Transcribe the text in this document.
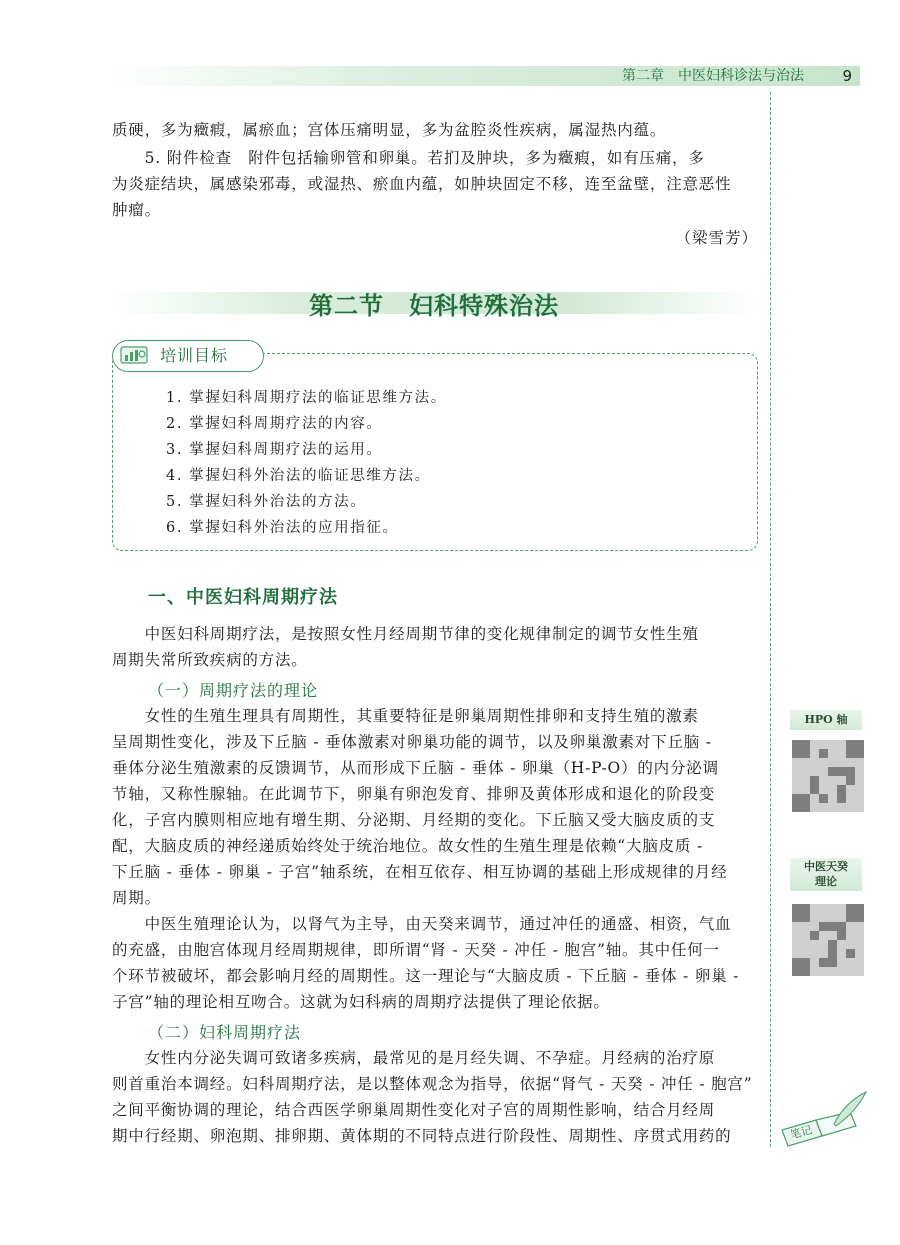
第二章　中医妇科诊法与治法	9

质硬，多为癥瘕，属瘀血；宫体压痛明显，多为盆腔炎性疾病，属湿热内蕴。

　　5. 附件检查　附件包括输卵管和卵巢。若扪及肿块，多为癥瘕，如有压痛，多

为炎症结块，属感染邪毒，或湿热、瘀血内蕴，如肿块固定不移，连至盆壁，注意恶性

肿瘤。

（梁雪芳）
第二节　妇科特殊治法
培训目标
1. 掌握妇科周期疗法的临证思维方法。
2. 掌握妇科周期疗法的内容。
3. 掌握妇科周期疗法的运用。
4. 掌握妇科外治法的临证思维方法。
5. 掌握妇科外治法的方法。
6. 掌握妇科外治法的应用指征。
一、中医妇科周期疗法

　　中医妇科周期疗法，是按照女性月经周期节律的变化规律制定的调节女性生殖

周期失常所致疾病的方法。

（一）周期疗法的理论

　　女性的生殖生理具有周期性，其重要特征是卵巢周期性排卵和支持生殖的激素

呈周期性变化，涉及下丘脑 - 垂体激素对卵巢功能的调节，以及卵巢激素对下丘脑 -

垂体分泌生殖激素的反馈调节，从而形成下丘脑 - 垂体 - 卵巢（H-P-O）的内分泌调

节轴，又称性腺轴。在此调节下，卵巢有卵泡发育、排卵及黄体形成和退化的阶段变

化，子宫内膜则相应地有增生期、分泌期、月经期的变化。下丘脑又受大脑皮质的支

配，大脑皮质的神经递质始终处于统治地位。故女性的生殖生理是依赖“大脑皮质 -

下丘脑 - 垂体 - 卵巢 - 子宫”轴系统，在相互依存、相互协调的基础上形成规律的月经

周期。

　　中医生殖理论认为，以肾气为主导，由天癸来调节，通过冲任的通盛、相资，气血

的充盛，由胞宫体现月经周期规律，即所谓“肾 - 天癸 - 冲任 - 胞宫”轴。其中任何一

个环节被破坏，都会影响月经的周期性。这一理论与“大脑皮质 - 下丘脑 - 垂体 - 卵巢 -

子宫”轴的理论相互吻合。这就为妇科病的周期疗法提供了理论依据。

（二）妇科周期疗法

　　女性内分泌失调可致诸多疾病，最常见的是月经失调、不孕症。月经病的治疗原

则首重治本调经。妇科周期疗法，是以整体观念为指导，依据“肾气 - 天癸 - 冲任 - 胞宫”

之间平衡协调的理论，结合西医学卵巢周期性变化对子宫的周期性影响，结合月经周

期中行经期、卵泡期、排卵期、黄体期的不同特点进行阶段性、周期性、序贯式用药的

HPO 轴
中医天癸
理论
笔记
